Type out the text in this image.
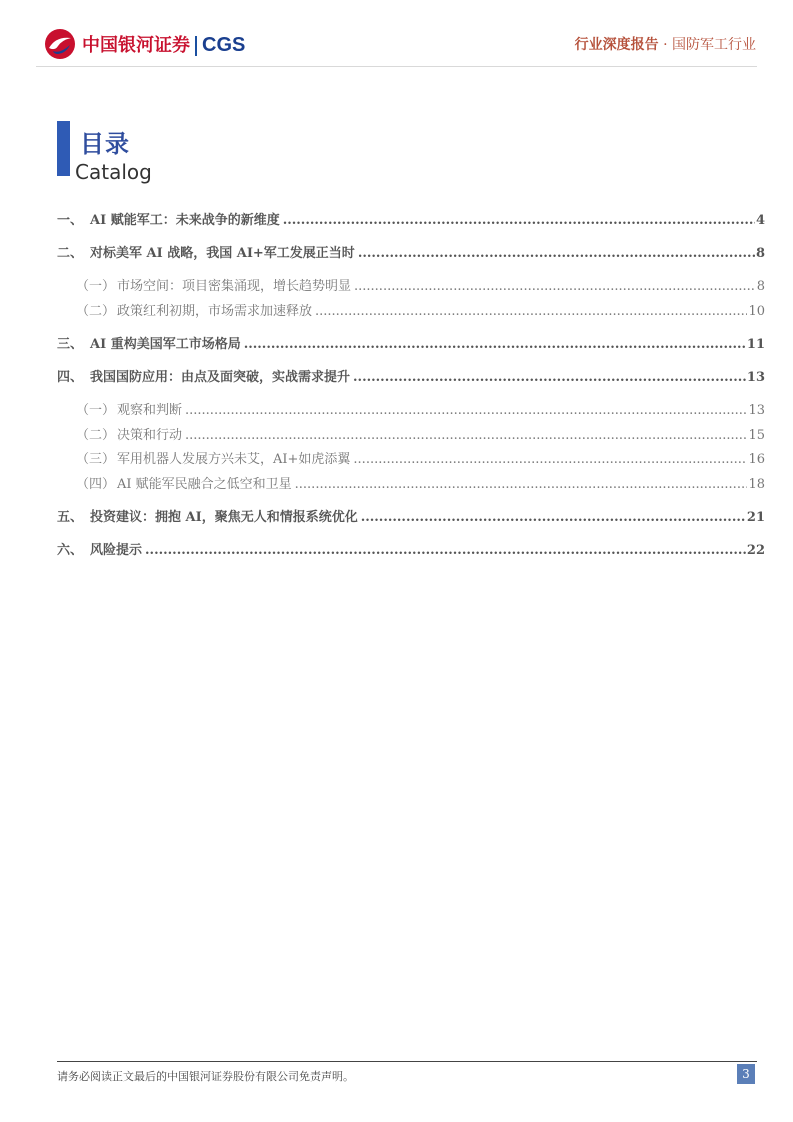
中国银河证券 CGS	行业深度报告 · 国防军工行业
目录
Catalog
一、 AI 赋能军工：未来战争的新维度 .....	4
二、 对标美军 AI 战略，我国 AI+军工发展正当时 .....	8
（一） 市场空间：项目密集涌现，增长趋势明显 .....	8
（二） 政策红利初期，市场需求加速释放 .....	10
三、 AI 重构美国军工市场格局 .....	11
四、 我国国防应用：由点及面突破，实战需求提升 .....	13
（一） 观察和判断 .....	13
（二） 决策和行动 .....	15
（三） 军用机器人发展方兴未艾，AI+如虎添翼 .....	16
（四） AI 赋能军民融合之低空和卫星 .....	18
五、 投资建议：拥抱 AI，聚焦无人和情报系统优化 .....	21
六、 风险提示 .....	22
请务必阅读正文最后的中国银河证券股份有限公司免责声明。	3
